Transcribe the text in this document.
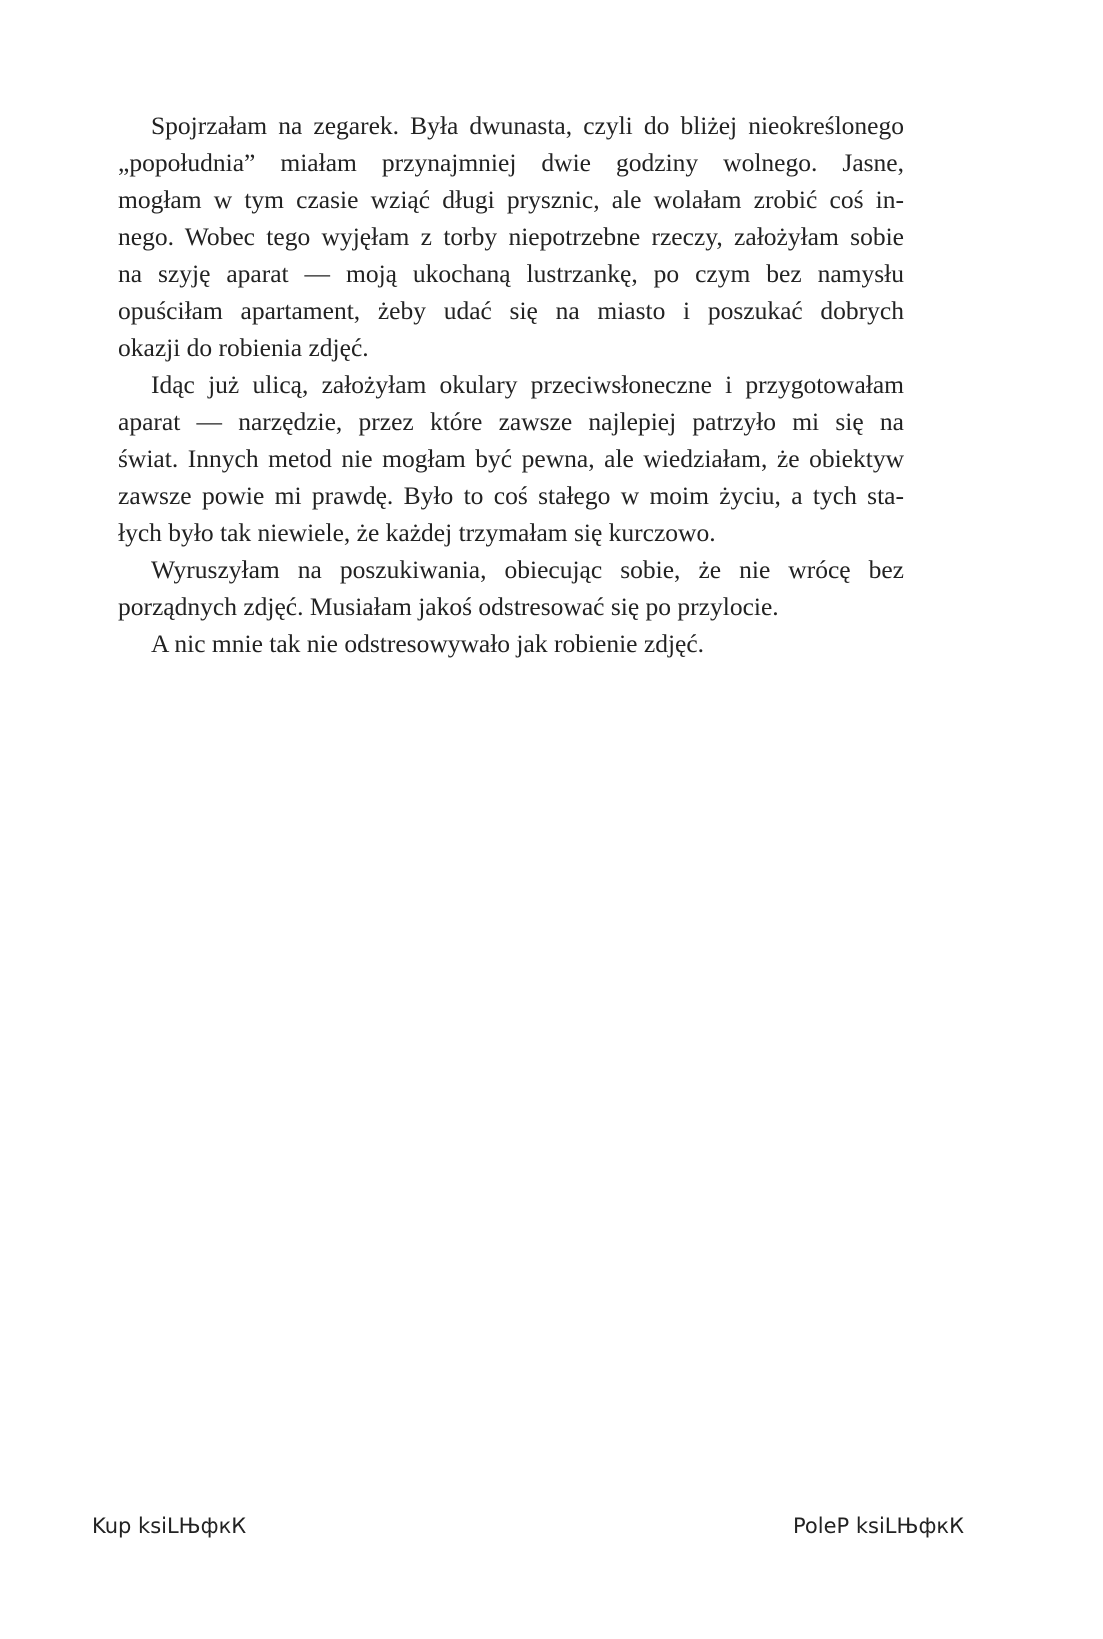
Spojrzałam na zegarek. Była dwunasta, czyli do bliżej nieokreślonego
„popołudnia” miałam przynajmniej dwie godziny wolnego. Jasne,
mogłam w tym czasie wziąć długi prysznic, ale wolałam zrobić coś in-
nego. Wobec tego wyjęłam z torby niepotrzebne rzeczy, założyłam sobie
na szyję aparat — moją ukochaną lustrzankę, po czym bez namysłu
opuściłam apartament, żeby udać się na miasto i poszukać dobrych
okazji do robienia zdjęć.

Idąc już ulicą, założyłam okulary przeciwsłoneczne i przygotowałam
aparat — narzędzie, przez które zawsze najlepiej patrzyło mi się na
świat. Innych metod nie mogłam być pewna, ale wiedziałam, że obiektyw
zawsze powie mi prawdę. Było to coś stałego w moim życiu, a tych sta-
łych było tak niewiele, że każdej trzymałam się kurczowo.

Wyruszyłam na poszukiwania, obiecując sobie, że nie wrócę bez
porządnych zdjęć. Musiałam jakoś odstresować się po przylocie.

A nic mnie tak nie odstresowywało jak robienie zdjęć.

Kup ksiLЊфкК	PoleР ksiLЊфкК
